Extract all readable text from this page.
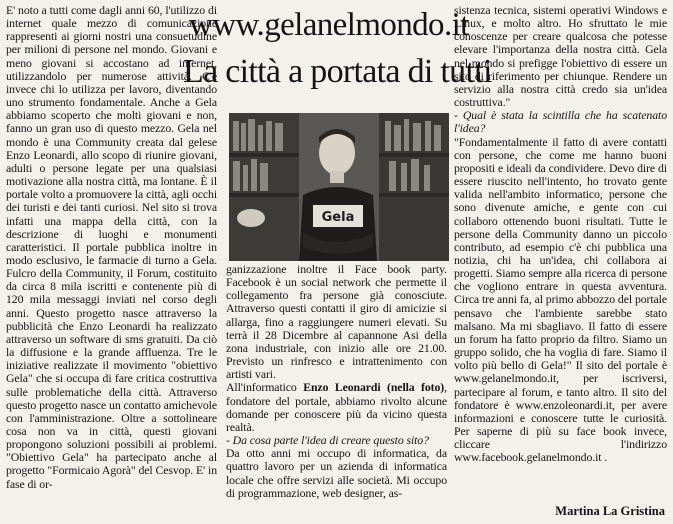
www.gelanelmondo.it
La città a portata di tutti
E' noto a tutti come dagli anni 60, l'utilizzo di internet quale mezzo di comunicazione rappresenti ai giorni nostri una consuetudine per milioni di persone nel mondo. Giovani e meno giovani si accostano ad internet, utilizzandolo per numerose attività. C'è invece chi lo utilizza per lavoro, diventando uno strumento fondamentale. Anche a Gela abbiamo scoperto che molti giovani e non, fanno un gran uso di questo mezzo. Gela nel mondo è una Community creata dal gelese Enzo Leonardi, allo scopo di riunire giovani, adulti o persone legate per una qualsiasi motivazione alla nostra città, ma lontane. È il portale volto a promuovere la città, agli occhi dei turisti e dei tanti curiosi. Nel sito si trova infatti una mappa della città, con la descrizione di luoghi e monumenti caratteristici. Il portale pubblica inoltre in modo esclusivo, le farmacie di turno a Gela. Fulcro della Community, il Forum, costituito da circa 8 mila iscritti e contenente più di 120 mila messaggi inviati nel corso degli anni. Questo progetto nasce attraverso la pubblicità che Enzo Leonardi ha realizzato attraverso un software di sms gratuiti. Da ciò la diffusione e la grande affluenza. Tre le iniziative realizzate il movimento "obiettivo Gela" che si occupa di fare critica costruttiva sulle problematiche della città. Attraverso questo progetto nasce un contatto amichevole con l'amministrazione. Oltre a sottolineare cosa non va in città, questi giovani propongono soluzioni possibili ai problemi. "Obiettivo Gela" ha partecipato anche al progetto "Formicaio Agorà" del Cesvop. E' in fase di or-
Gela
ganizzazione inoltre il Face book party. Facebook è un social network che permette il collegamento fra persone già conosciute. Attraverso questi contatti il giro di amicizie si allarga, fino a raggiungere numeri elevati. Su terrà il 28 Dicembre al capannone Asi della zona industriale, con inizio alle ore 21.00. Previsto un rinfresco e intrattenimento con artisti vari.
All'informatico Enzo Leonardi (nella foto), fondatore del portale, abbiamo rivolto alcune domande per conoscere più da vicino questa realtà.
- Da cosa parte l'idea di creare questo sito?
Da otto anni mi occupo di informatica, da quattro lavoro per un azienda di informatica locale che offre servizi alle società. Mi occupo di programmazione, web designer, as-
sistenza tecnica, sistemi operativi Windows e Linux, e molto altro. Ho sfruttato le mie conoscenze per creare qualcosa che potesse elevare l'importanza della nostra città. Gela nel mondo si prefigge l'obiettivo di essere un sito di riferimento per chiunque. Rendere un servizio alla nostra città credo sia un'idea costruttiva."
- Qual è stata la scintilla che ha scatenato l'idea?
"Fondamentalmente il fatto di avere contatti con persone, che come me hanno buoni propositi e ideali da condividere. Devo dire di essere riuscito nell'intento, ho trovato gente valida nell'ambito informatico, persone che sono divenute amiche, e gente con cui collaboro ottenendo buoni risultati. Tutte le persone della Community danno un piccolo contributo, ad esempio c'è chi pubblica una notizia, chi ha un'idea, chi collabora ai progetti. Siamo sempre alla ricerca di persone che vogliono entrare in questa avventura. Circa tre anni fa, al primo abbozzo del portale pensavo che l'ambiente sarebbe stato malsano. Ma mi sbagliavo. Il fatto di essere un forum ha fatto proprio da filtro. Siamo un gruppo solido, che ha voglia di fare. Siamo il volto più bello di Gela!" Il sito del portale è www.gelanelmondo.it, per iscriversi, partecipare al forum, e tanto altro. Il sito del fondatore è www.enzoleonardi.it, per avere informazioni e conoscere tutte le curiosità. Per saperne di più su face book invece, cliccare l'indirizzo www.facebook.gelanelmondo.it .
Martina La Gristina
